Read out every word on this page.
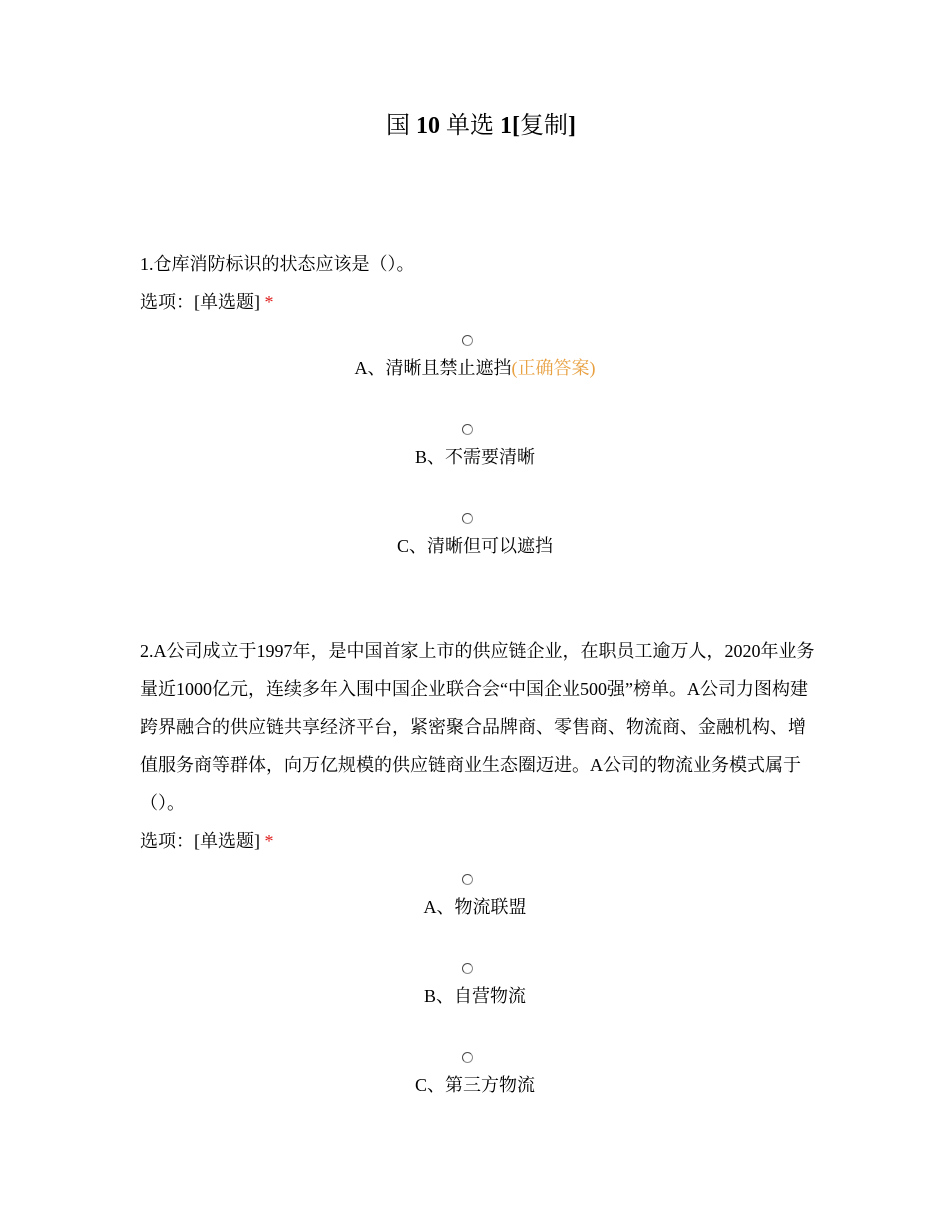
国 10 单选 1[复制]

1.仓库消防标识的状态应该是（）。

选项：[单选题] *

A、清晰且禁止遮挡(正确答案)
B、不需要清晰
C、清晰但可以遮挡

2.A公司成立于1997年，是中国首家上市的供应链企业，在职员工逾万人，2020年业务量近1000亿元，连续多年入围中国企业联合会“中国企业500强”榜单。A公司力图构建跨界融合的供应链共享经济平台，紧密聚合品牌商、零售商、物流商、金融机构、增值服务商等群体，向万亿规模的供应链商业生态圈迈进。A公司的物流业务模式属于（）。

选项：[单选题] *

A、物流联盟
B、自营物流
C、第三方物流
